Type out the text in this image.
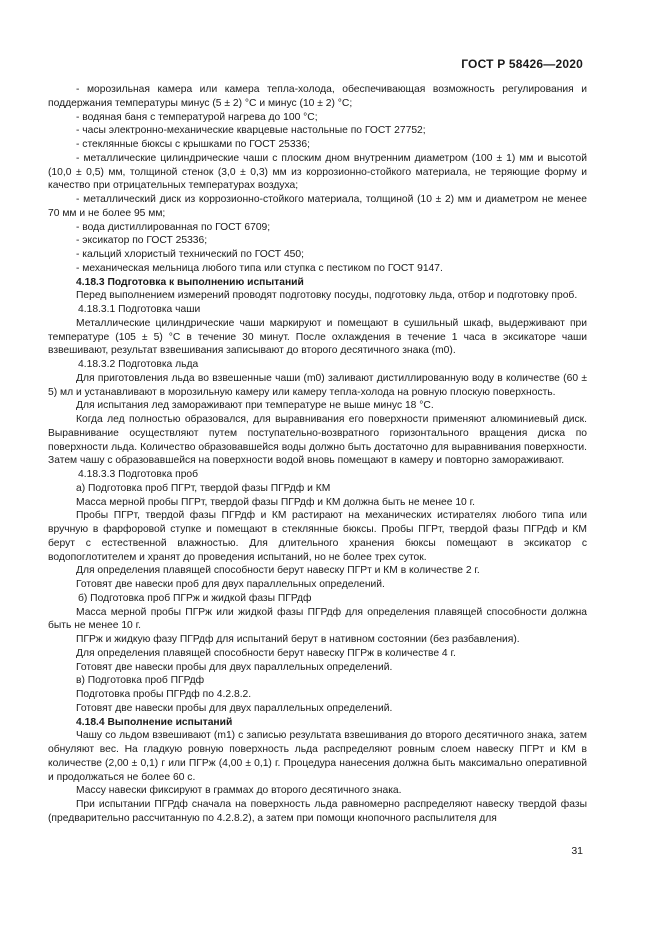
ГОСТ Р 58426—2020

- морозильная камера или камера тепла-холода, обеспечивающая возможность регулирования и поддержания температуры минус (5 ± 2) °С и минус (10 ± 2) °С;

- водяная баня с температурой нагрева до 100 °С;

- часы электронно-механические кварцевые настольные по ГОСТ 27752;

- стеклянные бюксы с крышками по ГОСТ 25336;

- металлические цилиндрические чаши с плоским дном внутренним диаметром (100 ± 1) мм и высотой (10,0 ± 0,5) мм, толщиной стенок (3,0 ± 0,3) мм из коррозионно-стойкого материала, не теряющие форму и качество при отрицательных температурах воздуха;

- металлический диск из коррозионно-стойкого материала, толщиной (10 ± 2) мм и диаметром не менее 70 мм и не более 95 мм;

- вода дистиллированная по ГОСТ 6709;

- эксикатор по ГОСТ 25336;

- кальций хлористый технический по ГОСТ 450;

- механическая мельница любого типа или ступка с пестиком по ГОСТ 9147.

4.18.3 Подготовка к выполнению испытаний

Перед выполнением измерений проводят подготовку посуды, подготовку льда, отбор и подготовку проб.

4.18.3.1 Подготовка чаши

Металлические цилиндрические чаши маркируют и помещают в сушильный шкаф, выдерживают при температуре (105 ± 5) °С в течение 30 минут. После охлаждения в течение 1 часа в эксикаторе чаши взвешивают, результат взвешивания записывают до второго десятичного знака (m0).

4.18.3.2 Подготовка льда

Для приготовления льда во взвешенные чаши (m0) заливают дистиллированную воду в количестве (60 ± 5) мл и устанавливают в морозильную камеру или камеру тепла-холода на ровную плоскую поверхность.

Для испытания лед замораживают при температуре не выше минус 18 °С.

Когда лед полностью образовался, для выравнивания его поверхности применяют алюминиевый диск. Выравнивание осуществляют путем поступательно-возвратного горизонтального вращения диска по поверхности льда. Количество образовавшейся воды должно быть достаточно для выравнивания поверхности. Затем чашу с образовавшейся на поверхности водой вновь помещают в камеру и повторно замораживают.

4.18.3.3 Подготовка проб

а) Подготовка проб ПГРт, твердой фазы ПГРдф и КМ

Масса мерной пробы ПГРт, твердой фазы ПГРдф и КМ должна быть не менее 10 г.

Пробы ПГРт, твердой фазы ПГРдф и КМ растирают на механических истирателях любого типа или вручную в фарфоровой ступке и помещают в стеклянные бюксы. Пробы ПГРт, твердой фазы ПГРдф и КМ берут с естественной влажностью. Для длительного хранения бюксы помещают в эксикатор с водопоглотителем и хранят до проведения испытаний, но не более трех суток.

Для определения плавящей способности берут навеску ПГРт и КМ в количестве 2 г.

Готовят две навески проб для двух параллельных определений.

б) Подготовка проб ПГРж и жидкой фазы ПГРдф

Масса мерной пробы ПГРж или жидкой фазы ПГРдф для определения плавящей способности должна быть не менее 10 г.

ПГРж и жидкую фазу ПГРдф для испытаний берут в нативном состоянии (без разбавления).

Для определения плавящей способности берут навеску ПГРж в количестве 4 г.

Готовят две навески пробы для двух параллельных определений.

в) Подготовка проб ПГРдф

Подготовка пробы ПГРдф по 4.2.8.2.

Готовят две навески пробы для двух параллельных определений.

4.18.4 Выполнение испытаний

Чашу со льдом взвешивают (m1) с записью результата взвешивания до второго десятичного знака, затем обнуляют вес. На гладкую ровную поверхность льда распределяют ровным слоем навеску ПГРт и КМ в количестве (2,00 ± 0,1) г или ПГРж (4,00 ± 0,1) г. Процедура нанесения должна быть максимально оперативной и продолжаться не более 60 с.

Массу навески фиксируют в граммах до второго десятичного знака.

При испытании ПГРдф сначала на поверхность льда равномерно распределяют навеску твердой фазы (предварительно рассчитанную по 4.2.8.2), а затем при помощи кнопочного распылителя для

31
